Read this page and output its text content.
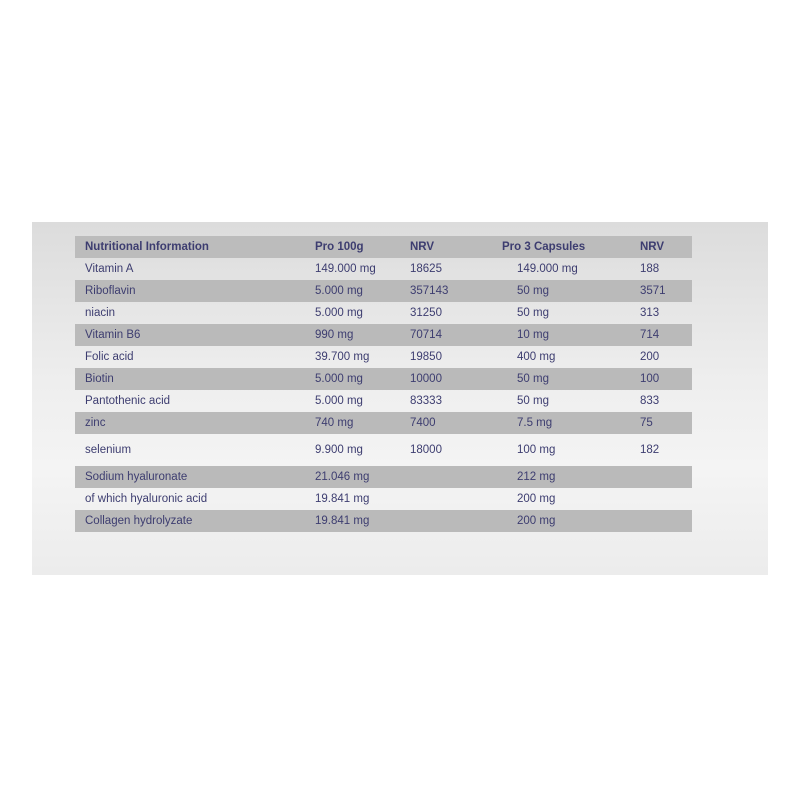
Nutritional Information	Pro 100g	NRV	Pro 3 Capsules	NRV
Vitamin A	149.000 mg	18625	149.000 mg	188
Riboflavin	5.000 mg	357143	50 mg	3571
niacin	5.000 mg	31250	50 mg	313
Vitamin B6	990 mg	70714	10 mg	714
Folic acid	39.700 mg	19850	400 mg	200
Biotin	5.000 mg	10000	50 mg	100
Pantothenic acid	5.000 mg	83333	50 mg	833
zinc	740 mg	7400	7.5 mg	75
selenium	9.900 mg	18000	100 mg	182
Sodium hyaluronate	21.046 mg		212 mg	
of which hyaluronic acid	19.841 mg		200 mg	
Collagen hydrolyzate	19.841 mg		200 mg	
